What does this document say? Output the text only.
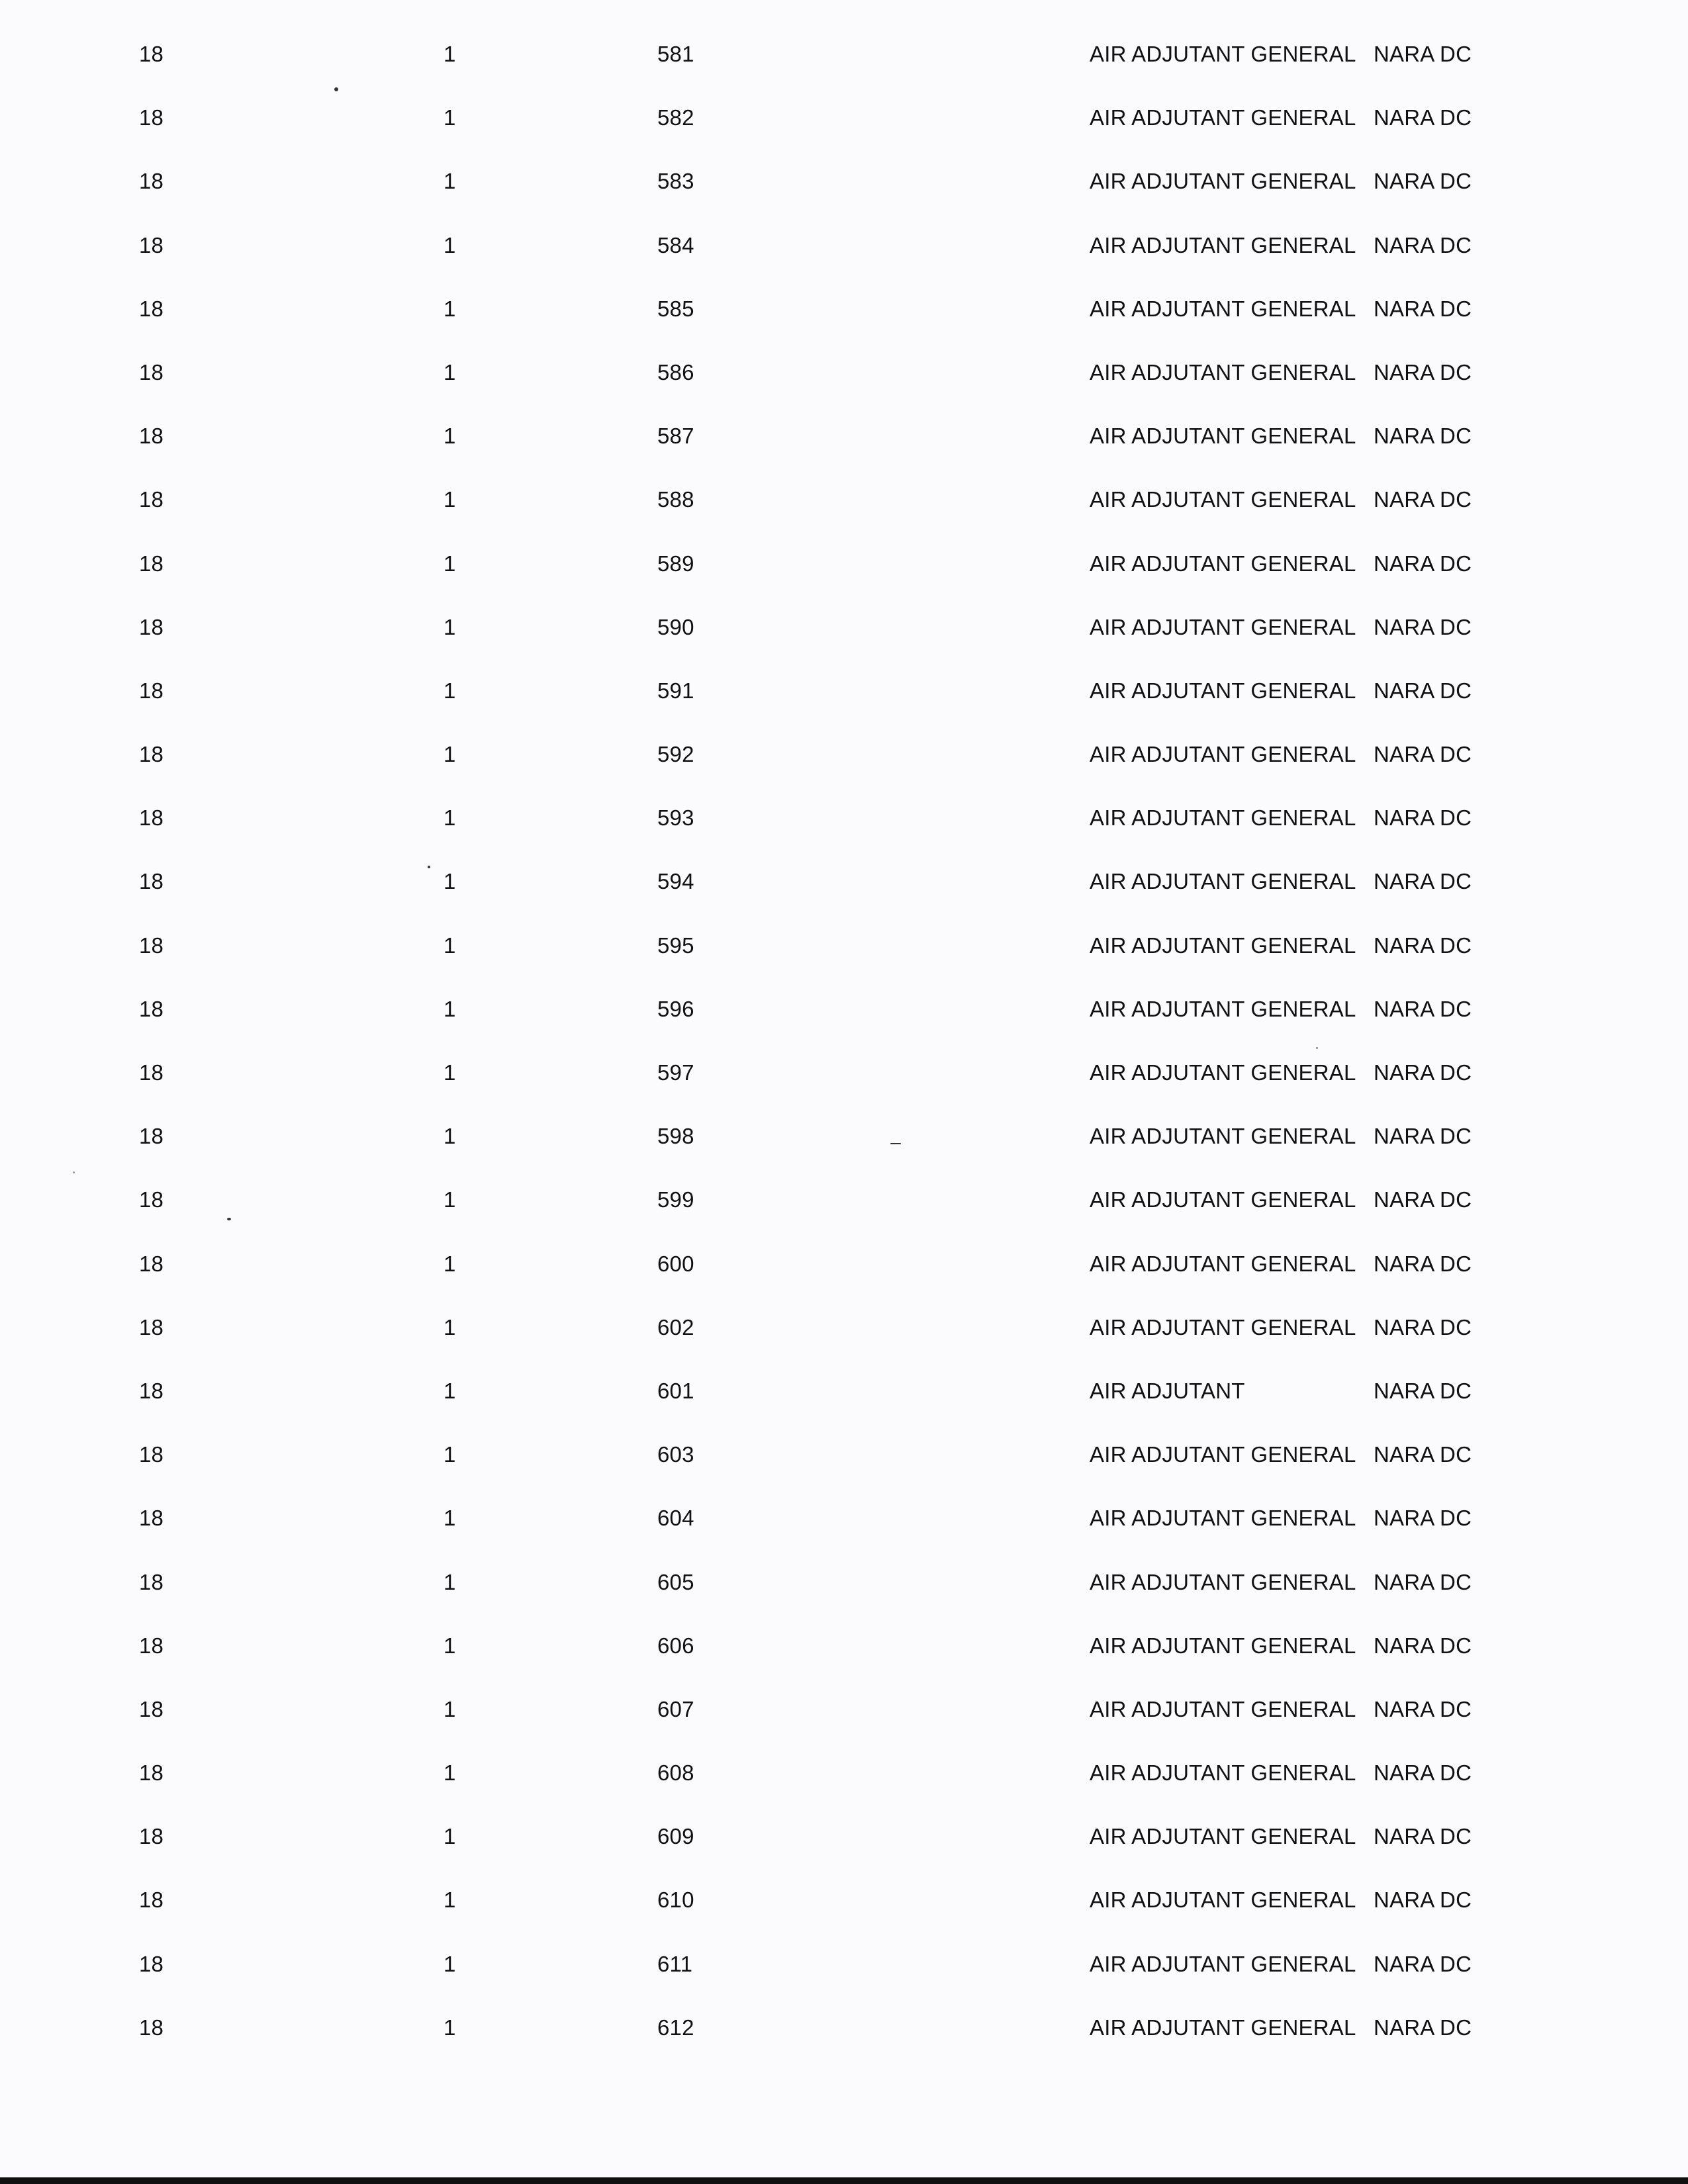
18	1	581	AIR ADJUTANT GENERAL NARA DC
18	1	582	AIR ADJUTANT GENERAL NARA DC
18	1	583	AIR ADJUTANT GENERAL NARA DC
18	1	584	AIR ADJUTANT GENERAL NARA DC
18	1	585	AIR ADJUTANT GENERAL NARA DC
18	1	586	AIR ADJUTANT GENERAL NARA DC
18	1	587	AIR ADJUTANT GENERAL NARA DC
18	1	588	AIR ADJUTANT GENERAL NARA DC
18	1	589	AIR ADJUTANT GENERAL NARA DC
18	1	590	AIR ADJUTANT GENERAL NARA DC
18	1	591	AIR ADJUTANT GENERAL NARA DC
18	1	592	AIR ADJUTANT GENERAL NARA DC
18	1	593	AIR ADJUTANT GENERAL NARA DC
18	1	594	AIR ADJUTANT GENERAL NARA DC
18	1	595	AIR ADJUTANT GENERAL NARA DC
18	1	596	AIR ADJUTANT GENERAL NARA DC
18	1	597	AIR ADJUTANT GENERAL NARA DC
18	1	598	AIR ADJUTANT GENERAL NARA DC
18	1	599	AIR ADJUTANT GENERAL NARA DC
18	1	600	AIR ADJUTANT GENERAL NARA DC
18	1	602	AIR ADJUTANT GENERAL NARA DC
18	1	601	AIR ADJUTANT	NARA DC
18	1	603	AIR ADJUTANT GENERAL NARA DC
18	1	604	AIR ADJUTANT GENERAL NARA DC
18	1	605	AIR ADJUTANT GENERAL NARA DC
18	1	606	AIR ADJUTANT GENERAL NARA DC
18	1	607	AIR ADJUTANT GENERAL NARA DC
18	1	608	AIR ADJUTANT GENERAL NARA DC
18	1	609	AIR ADJUTANT GENERAL NARA DC
18	1	610	AIR ADJUTANT GENERAL NARA DC
18	1	611	AIR ADJUTANT GENERAL NARA DC
18	1	612	AIR ADJUTANT GENERAL NARA DC
